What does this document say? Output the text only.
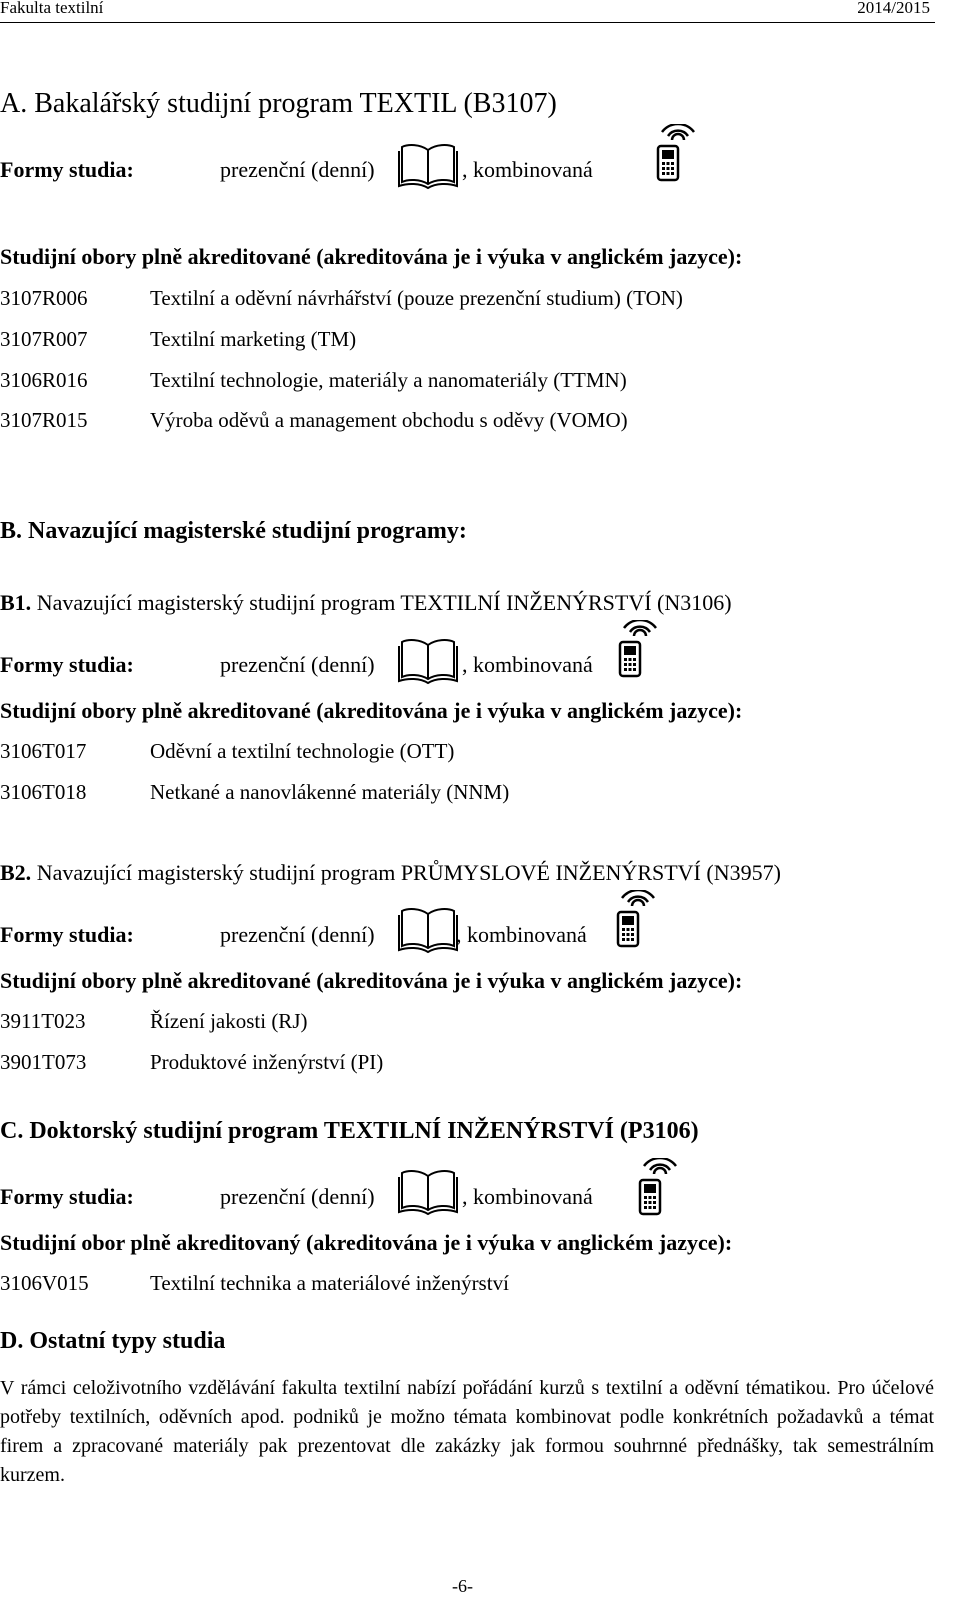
Fakulta textilní	2014/2015
A. Bakalářský studijní program TEXTIL (B3107)
Formy studia:	prezenční (denní)	, kombinovaná
Studijní obory plně akreditované (akreditována je i výuka v anglickém jazyce):
3107R006	Textilní a oděvní návrhářství (pouze prezenční studium) (TON)
3107R007	Textilní marketing (TM)
3106R016	Textilní technologie, materiály a nanomateriály (TTMN)
3107R015	Výroba oděvů a management obchodu s oděvy (VOMO)
B. Navazující magisterské studijní programy:
B1. Navazující magisterský studijní program TEXTILNÍ INŽENÝRSTVÍ (N3106)
Formy studia:	prezenční (denní)	, kombinovaná
Studijní obory plně akreditované (akreditována je i výuka v anglickém jazyce):
3106T017	Oděvní a textilní technologie (OTT)
3106T018	Netkané a nanovlákenné materiály (NNM)
B2. Navazující magisterský studijní program PRŮMYSLOVÉ INŽENÝRSTVÍ (N3957)
Formy studia:	prezenční (denní)	, kombinovaná
Studijní obory plně akreditované (akreditována je i výuka v anglickém jazyce):
3911T023	Řízení jakosti (RJ)
3901T073	Produktové inženýrství (PI)
C. Doktorský studijní program TEXTILNÍ INŽENÝRSTVÍ (P3106)
Formy studia:	prezenční (denní)	, kombinovaná
Studijní obor plně akreditovaný (akreditována je i výuka v anglickém jazyce):
3106V015	Textilní technika a materiálové inženýrství
D. Ostatní typy studia
V rámci celoživotního vzdělávání fakulta textilní nabízí pořádání kurzů s textilní a oděvní tématikou. Pro účelové potřeby textilních, oděvních apod. podniků je možno témata kombinovat podle konkrétních požadavků a témat firem a zpracované materiály pak prezentovat dle zakázky jak formou souhrnné přednášky, tak semestrálním kurzem.
-6-
